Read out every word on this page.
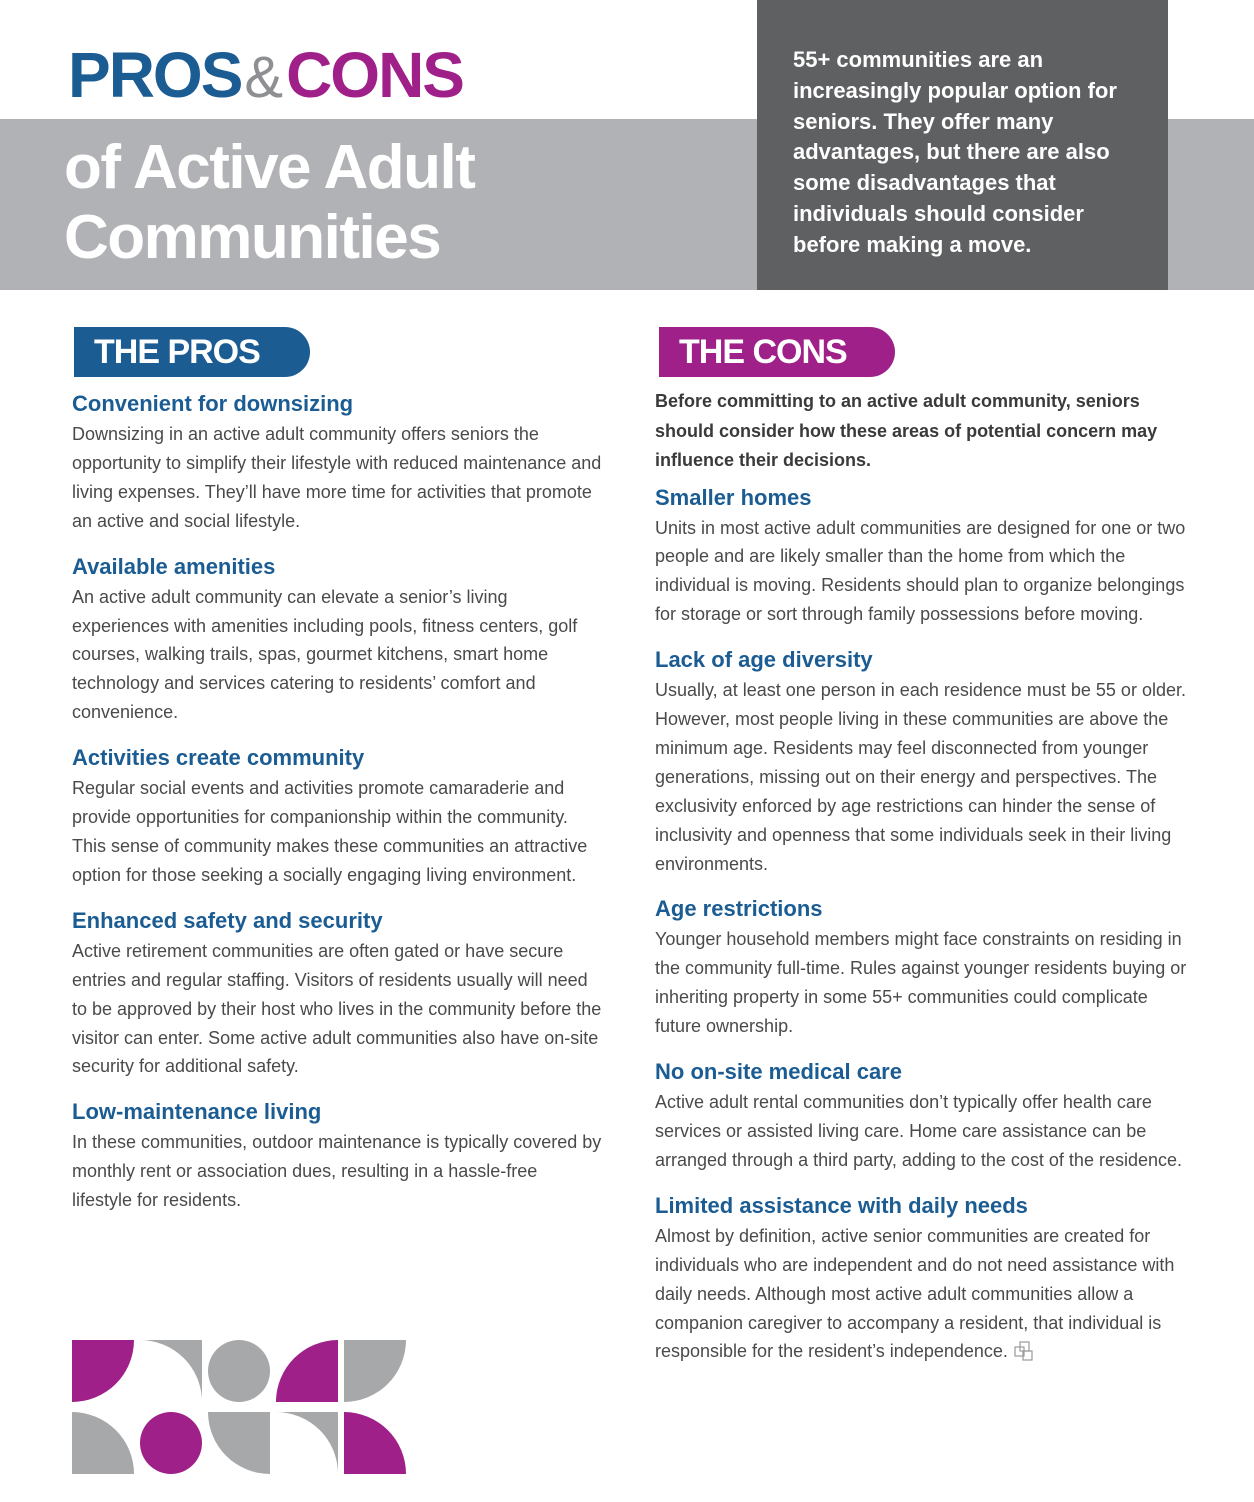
55+ communities are an increasingly popular option for seniors. They offer many advantages, but there are also some disadvantages that individuals should consider before making a move.

PROS&CONS
of Active Adult
Communities
THE PROS	THE CONS
Convenient for downsizing

Downsizing in an active adult community offers seniors the opportunity to simplify their lifestyle with reduced maintenance and living expenses. They’ll have more time for activities that promote an active and social lifestyle.

Available amenities

An active adult community can elevate a senior’s living experiences with amenities including pools, fitness centers, golf courses, walking trails, spas, gourmet kitchens, smart home technology and services catering to residents’ comfort and convenience.

Activities create community

Regular social events and activities promote camaraderie and provide opportunities for companionship within the community. This sense of community makes these communities an attractive option for those seeking a socially engaging living environment.

Enhanced safety and security

Active retirement communities are often gated or have secure entries and regular staffing. Visitors of residents usually will need to be approved by their host who lives in the community before the visitor can enter. Some active adult communities also have on-site security for additional safety.

Low-maintenance living

In these communities, outdoor maintenance is typically covered by monthly rent or association dues, resulting in a hassle-free lifestyle for residents.

Before committing to an active adult community, seniors should consider how these areas of potential concern may influence their decisions.

Smaller homes

Units in most active adult communities are designed for one or two people and are likely smaller than the home from which the individual is moving. Residents should plan to organize belongings for storage or sort through family possessions before moving.

Lack of age diversity

Usually, at least one person in each residence must be 55 or older. However, most people living in these communities are above the minimum age. Residents may feel disconnected from younger generations, missing out on their energy and perspectives. The exclusivity enforced by age restrictions can hinder the sense of inclusivity and openness that some individuals seek in their living environments.

Age restrictions

Younger household members might face constraints on residing in the community full-time. Rules against younger residents buying or inheriting property in some 55+ communities could complicate future ownership.

No on-site medical care

Active adult rental communities don’t typically offer health care services or assisted living care. Home care assistance can be arranged through a third party, adding to the cost of the residence.

Limited assistance with daily needs

Almost by definition, active senior communities are created for individuals who are independent and do not need assistance with daily needs. Although most active adult communities allow a companion caregiver to accompany a resident, that individual is responsible for the resident’s independence.
